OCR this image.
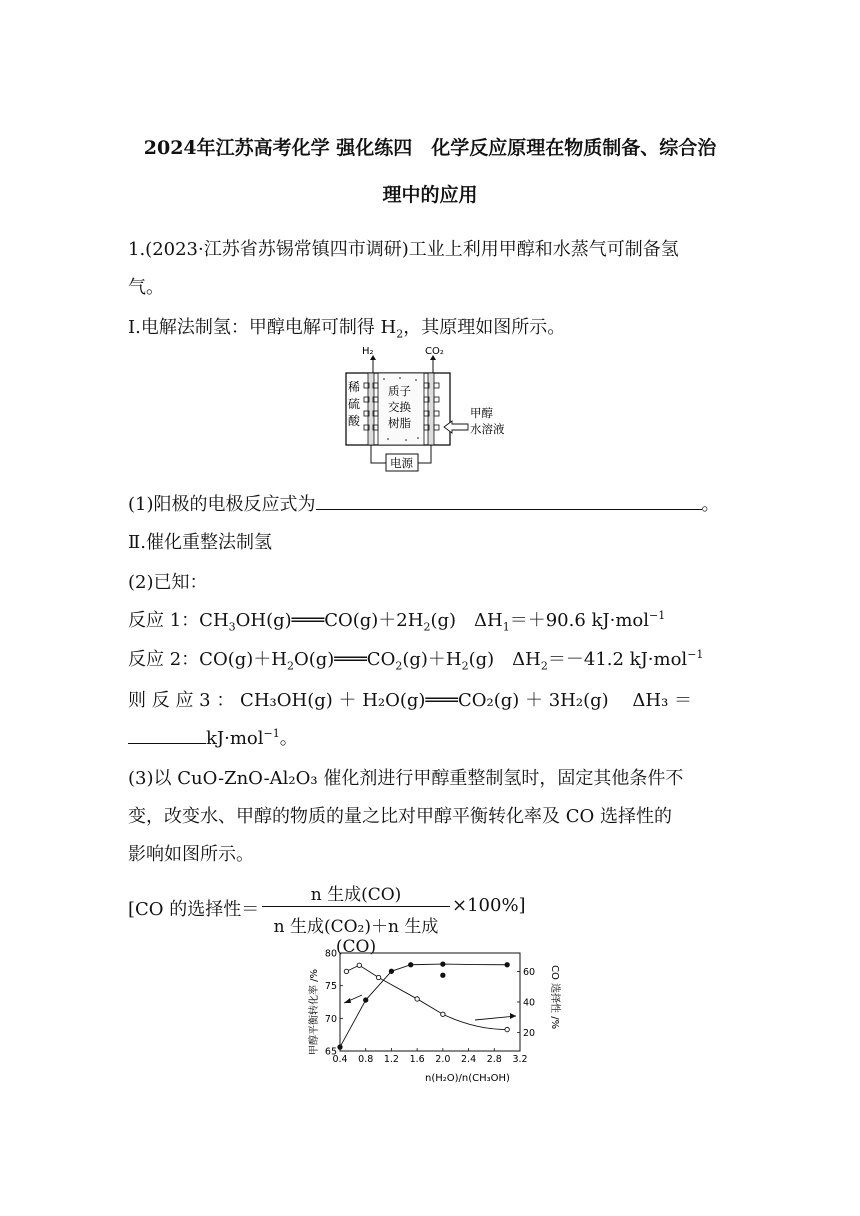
2024年江苏高考化学 强化练四　化学反应原理在物质制备、综合治
理中的应用
1.(2023·江苏省苏锡常镇四市调研)工业上利用甲醇和水蒸气可制备氢
气。
Ⅰ.电解法制氢：甲醇电解可制得 $H_2$，其原理如图所示。
H₂	CO₂
稀
硫
酸
质子
交换
树脂
甲醇
水溶液
电源
(1)阳极的电极反应式为	。
Ⅱ.催化重整法制氢
(2)已知：
反应 1：$CH_3OH(g)═══CO(g)+2H_2(g)$　$\Delta H_1=+90.6$ kJ·mol$^{-1}$
反应 2：$CO(g)+H_2O(g)═══CO_2(g)+H_2(g)$　$\Delta H_2=-41.2$ kJ·mol$^{-1}$
则 反 应 3 ： CH₃OH(g) ＋ H₂O(g)═══CO₂(g) ＋ 3H₂(g)　 ΔH₃ ＝
kJ·mol$^{-1}$。
(3)以 CuO-ZnO-Al₂O₃ 催化剂进行甲醇重整制氢时，固定其他条件不
变，改变水、甲醇的物质的量之比对甲醇平衡转化率及 CO 选择性的
影响如图所示。
[CO 的选择性＝
n 生成(CO)
n 生成(CO₂)＋n 生成(CO)
×100%]
0.4 0.8 1.2 1.6 2.0 2.4 2.8 3.2
65
70
75
80
20
40
60
甲醇平衡转化率 /%	CO 选择性 /%
n(H₂O)/n(CH₃OH)
